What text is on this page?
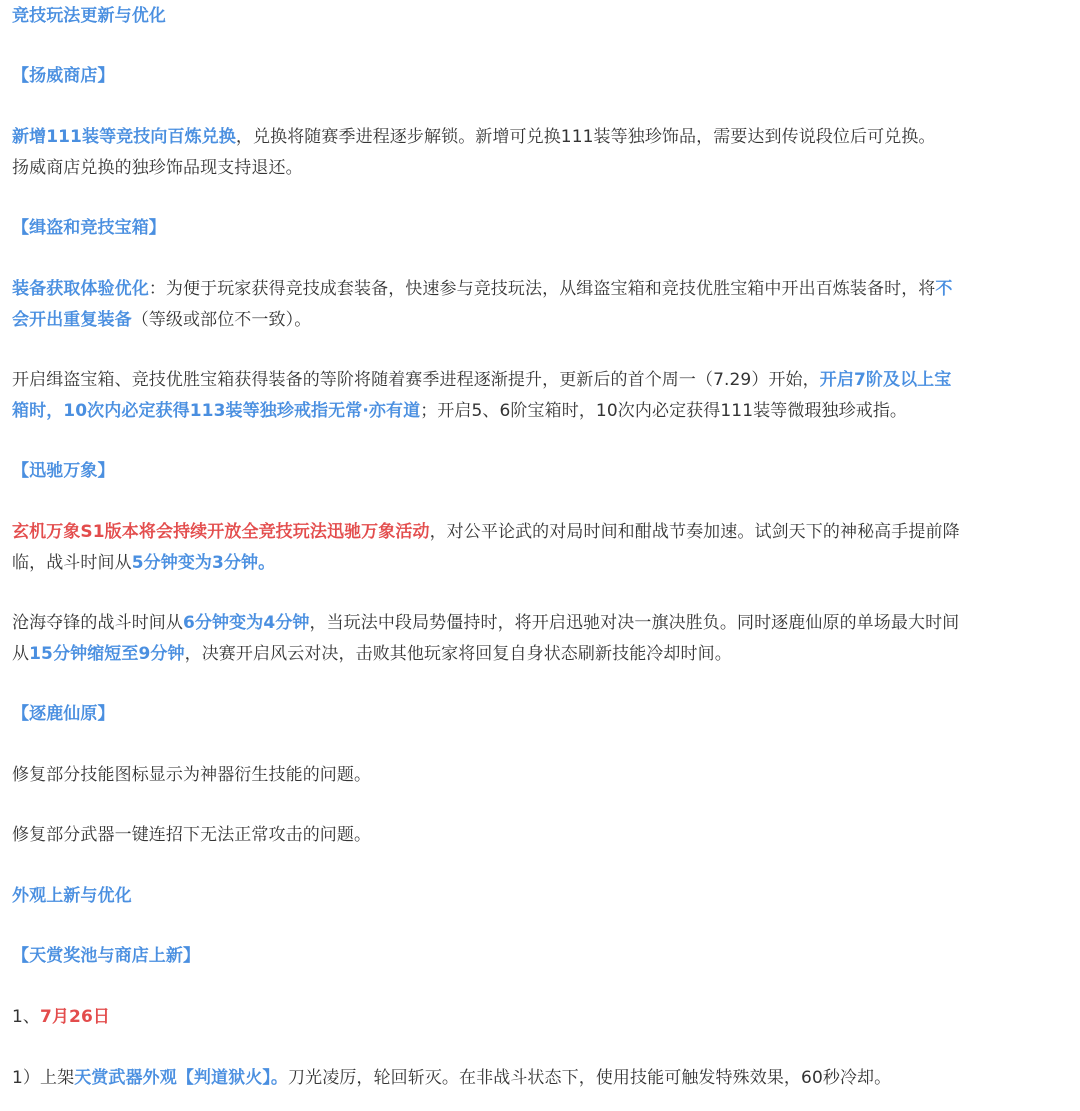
竞技玩法更新与优化
【扬威商店】
新增111装等竞技向百炼兑换，兑换将随赛季进程逐步解锁。新增可兑换111装等独珍饰品，需要达到传说段位后可兑换。
扬威商店兑换的独珍饰品现支持退还。
【缉盗和竞技宝箱】
装备获取体验优化：为便于玩家获得竞技成套装备，快速参与竞技玩法，从缉盗宝箱和竞技优胜宝箱中开出百炼装备时，将不
会开出重复装备（等级或部位不一致）。
开启缉盗宝箱、竞技优胜宝箱获得装备的等阶将随着赛季进程逐渐提升，更新后的首个周一（7.29）开始，开启7阶及以上宝
箱时，10次内必定获得113装等独珍戒指无常·亦有道；开启5、6阶宝箱时，10次内必定获得111装等微瑕独珍戒指。
【迅驰万象】
玄机万象S1版本将会持续开放全竞技玩法迅驰万象活动，对公平论武的对局时间和酣战节奏加速。试剑天下的神秘高手提前降
临，战斗时间从5分钟变为3分钟。
沧海夺锋的战斗时间从6分钟变为4分钟，当玩法中段局势僵持时，将开启迅驰对决一旗决胜负。同时逐鹿仙原的单场最大时间
从15分钟缩短至9分钟，决赛开启风云对决，击败其他玩家将回复自身状态刷新技能冷却时间。
【逐鹿仙原】
修复部分技能图标显示为神器衍生技能的问题。
修复部分武器一键连招下无法正常攻击的问题。
外观上新与优化
【天赏奖池与商店上新】
1、7月26日
1）上架天赏武器外观【判道狱火】。刀光凌厉，轮回斩灭。在非战斗状态下，使用技能可触发特殊效果，60秒冷却。
